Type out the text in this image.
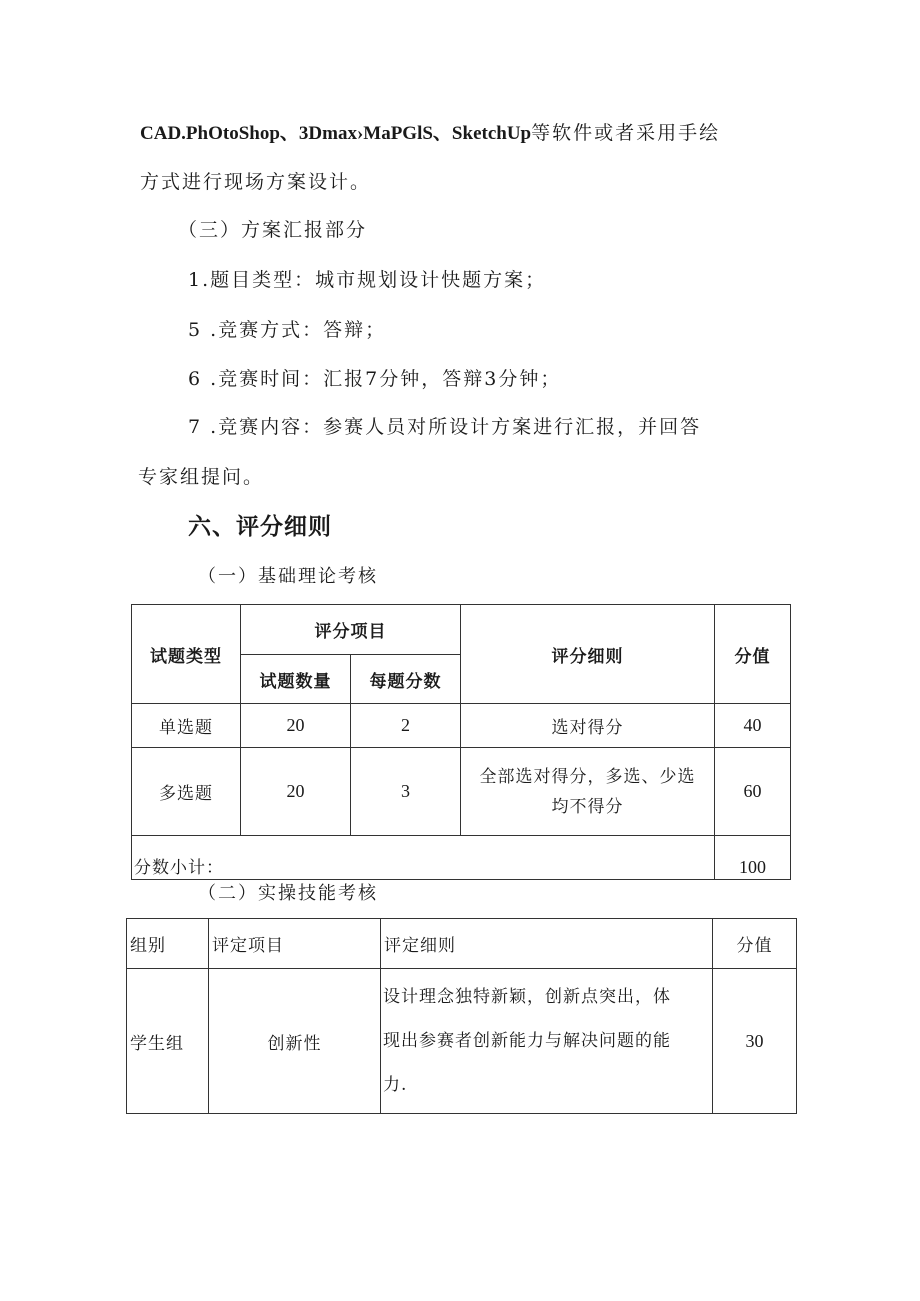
CAD.PhOtoShop、3Dmax›MaPGlS、SketchUp等软件或者采用手绘
方式进行现场方案设计。
（三）方案汇报部分
1.题目类型：城市规划设计快题方案；
5 .竞赛方式：答辩；
6 .竞赛时间：汇报7分钟，答辩3分钟；
7 .竞赛内容：参赛人员对所设计方案进行汇报，并回答
专家组提问。
六、评分细则
（一）基础理论考核
试题类型	评分项目		评分细则	分值
	试题数量	每题分数		
单选题	20	2	选对得分	40
多选题	20	3	全部选对得分，多选、少选
均不得分	60
分数小计：				100
（二）实操技能考核
组别	评定项目	评定细则	分值
学生组	创新性	设计理念独特新颖，创新点突出，体
现出参赛者创新能力与解决问题的能
力.	30
